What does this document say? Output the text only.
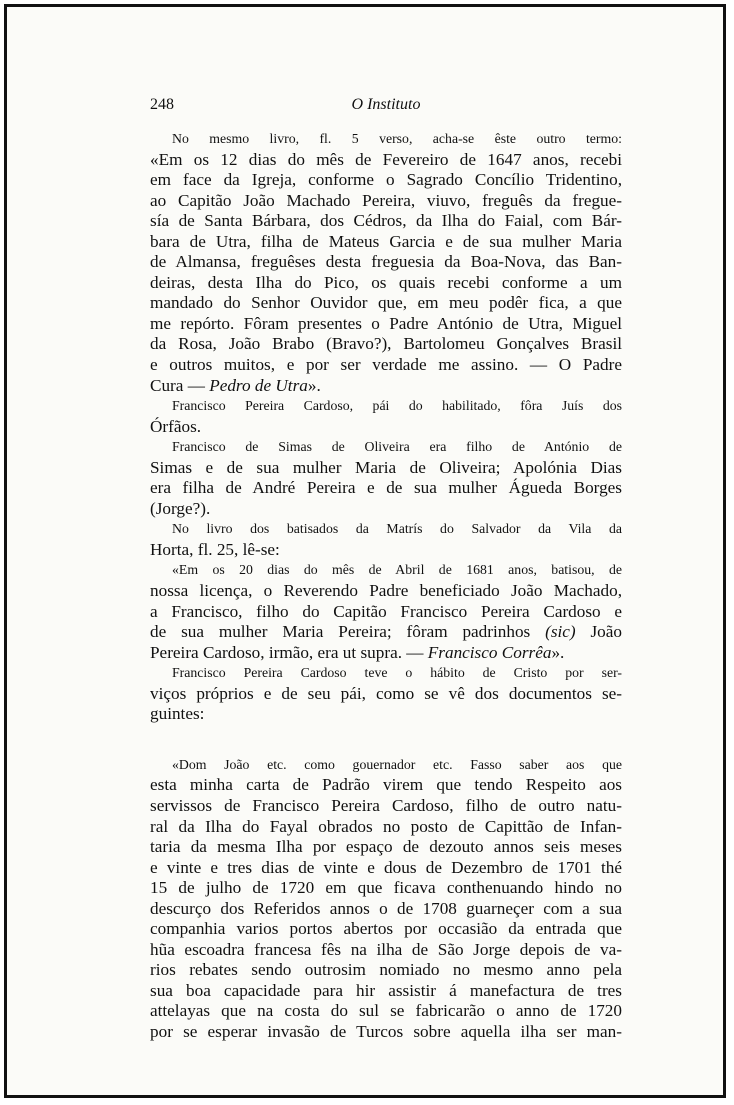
248	O Instituto
No mesmo livro, fl. 5 verso, acha-se êste outro termo:
«Em os 12 dias do mês de Fevereiro de 1647 anos, recebi
em face da Igreja, conforme o Sagrado Concílio Tridentino,
ao Capitão João Machado Pereira, viuvo, freguês da fregue-
sía de Santa Bárbara, dos Cédros, da Ilha do Faial, com Bár-
bara de Utra, filha de Mateus Garcia e de sua mulher Maria
de Almansa, freguêses desta freguesia da Boa-Nova, das Ban-
deiras, desta Ilha do Pico, os quais recebi conforme a um
mandado do Senhor Ouvidor que, em meu podêr fica, a que
me repórto. Fôram presentes o Padre António de Utra, Miguel
da Rosa, João Brabo (Bravo?), Bartolomeu Gonçalves Brasil
e outros muitos, e por ser verdade me assino. — O Padre
Cura — Pedro de Utra».
Francisco Pereira Cardoso, pái do habilitado, fôra Juís dos
Órfãos.
Francisco de Simas de Oliveira era filho de António de
Simas e de sua mulher Maria de Oliveira; Apolónia Dias
era filha de André Pereira e de sua mulher Águeda Borges
(Jorge?).
No livro dos batisados da Matrís do Salvador da Vila da
Horta, fl. 25, lê-se:
«Em os 20 dias do mês de Abril de 1681 anos, batisou, de
nossa licença, o Reverendo Padre beneficiado João Machado,
a Francisco, filho do Capitão Francisco Pereira Cardoso e
de sua mulher Maria Pereira; fôram padrinhos (sic) João
Pereira Cardoso, irmão, era ut supra. — Francisco Corrêa».
Francisco Pereira Cardoso teve o hábito de Cristo por ser-
viços próprios e de seu pái, como se vê dos documentos se-
guintes:
«Dom João etc. como gouernador etc. Fasso saber aos que
esta minha carta de Padrão virem que tendo Respeito aos
servissos de Francisco Pereira Cardoso, filho de outro natu-
ral da Ilha do Fayal obrados no posto de Capittão de Infan-
taria da mesma Ilha por espaço de dezouto annos seis meses
e vinte e tres dias de vinte e dous de Dezembro de 1701 thé
15 de julho de 1720 em que ficava conthenuando hindo no
descurço dos Referidos annos o de 1708 guarneçer com a sua
companhia varios portos abertos por occasião da entrada que
hũa escoadra francesa fês na ilha de São Jorge depois de va-
rios rebates sendo outrosim nomiado no mesmo anno pela
sua boa capacidade para hir assistir á manefactura de tres
attelayas que na costa do sul se fabricarão o anno de 1720
por se esperar invasão de Turcos sobre aquella ilha ser man-
